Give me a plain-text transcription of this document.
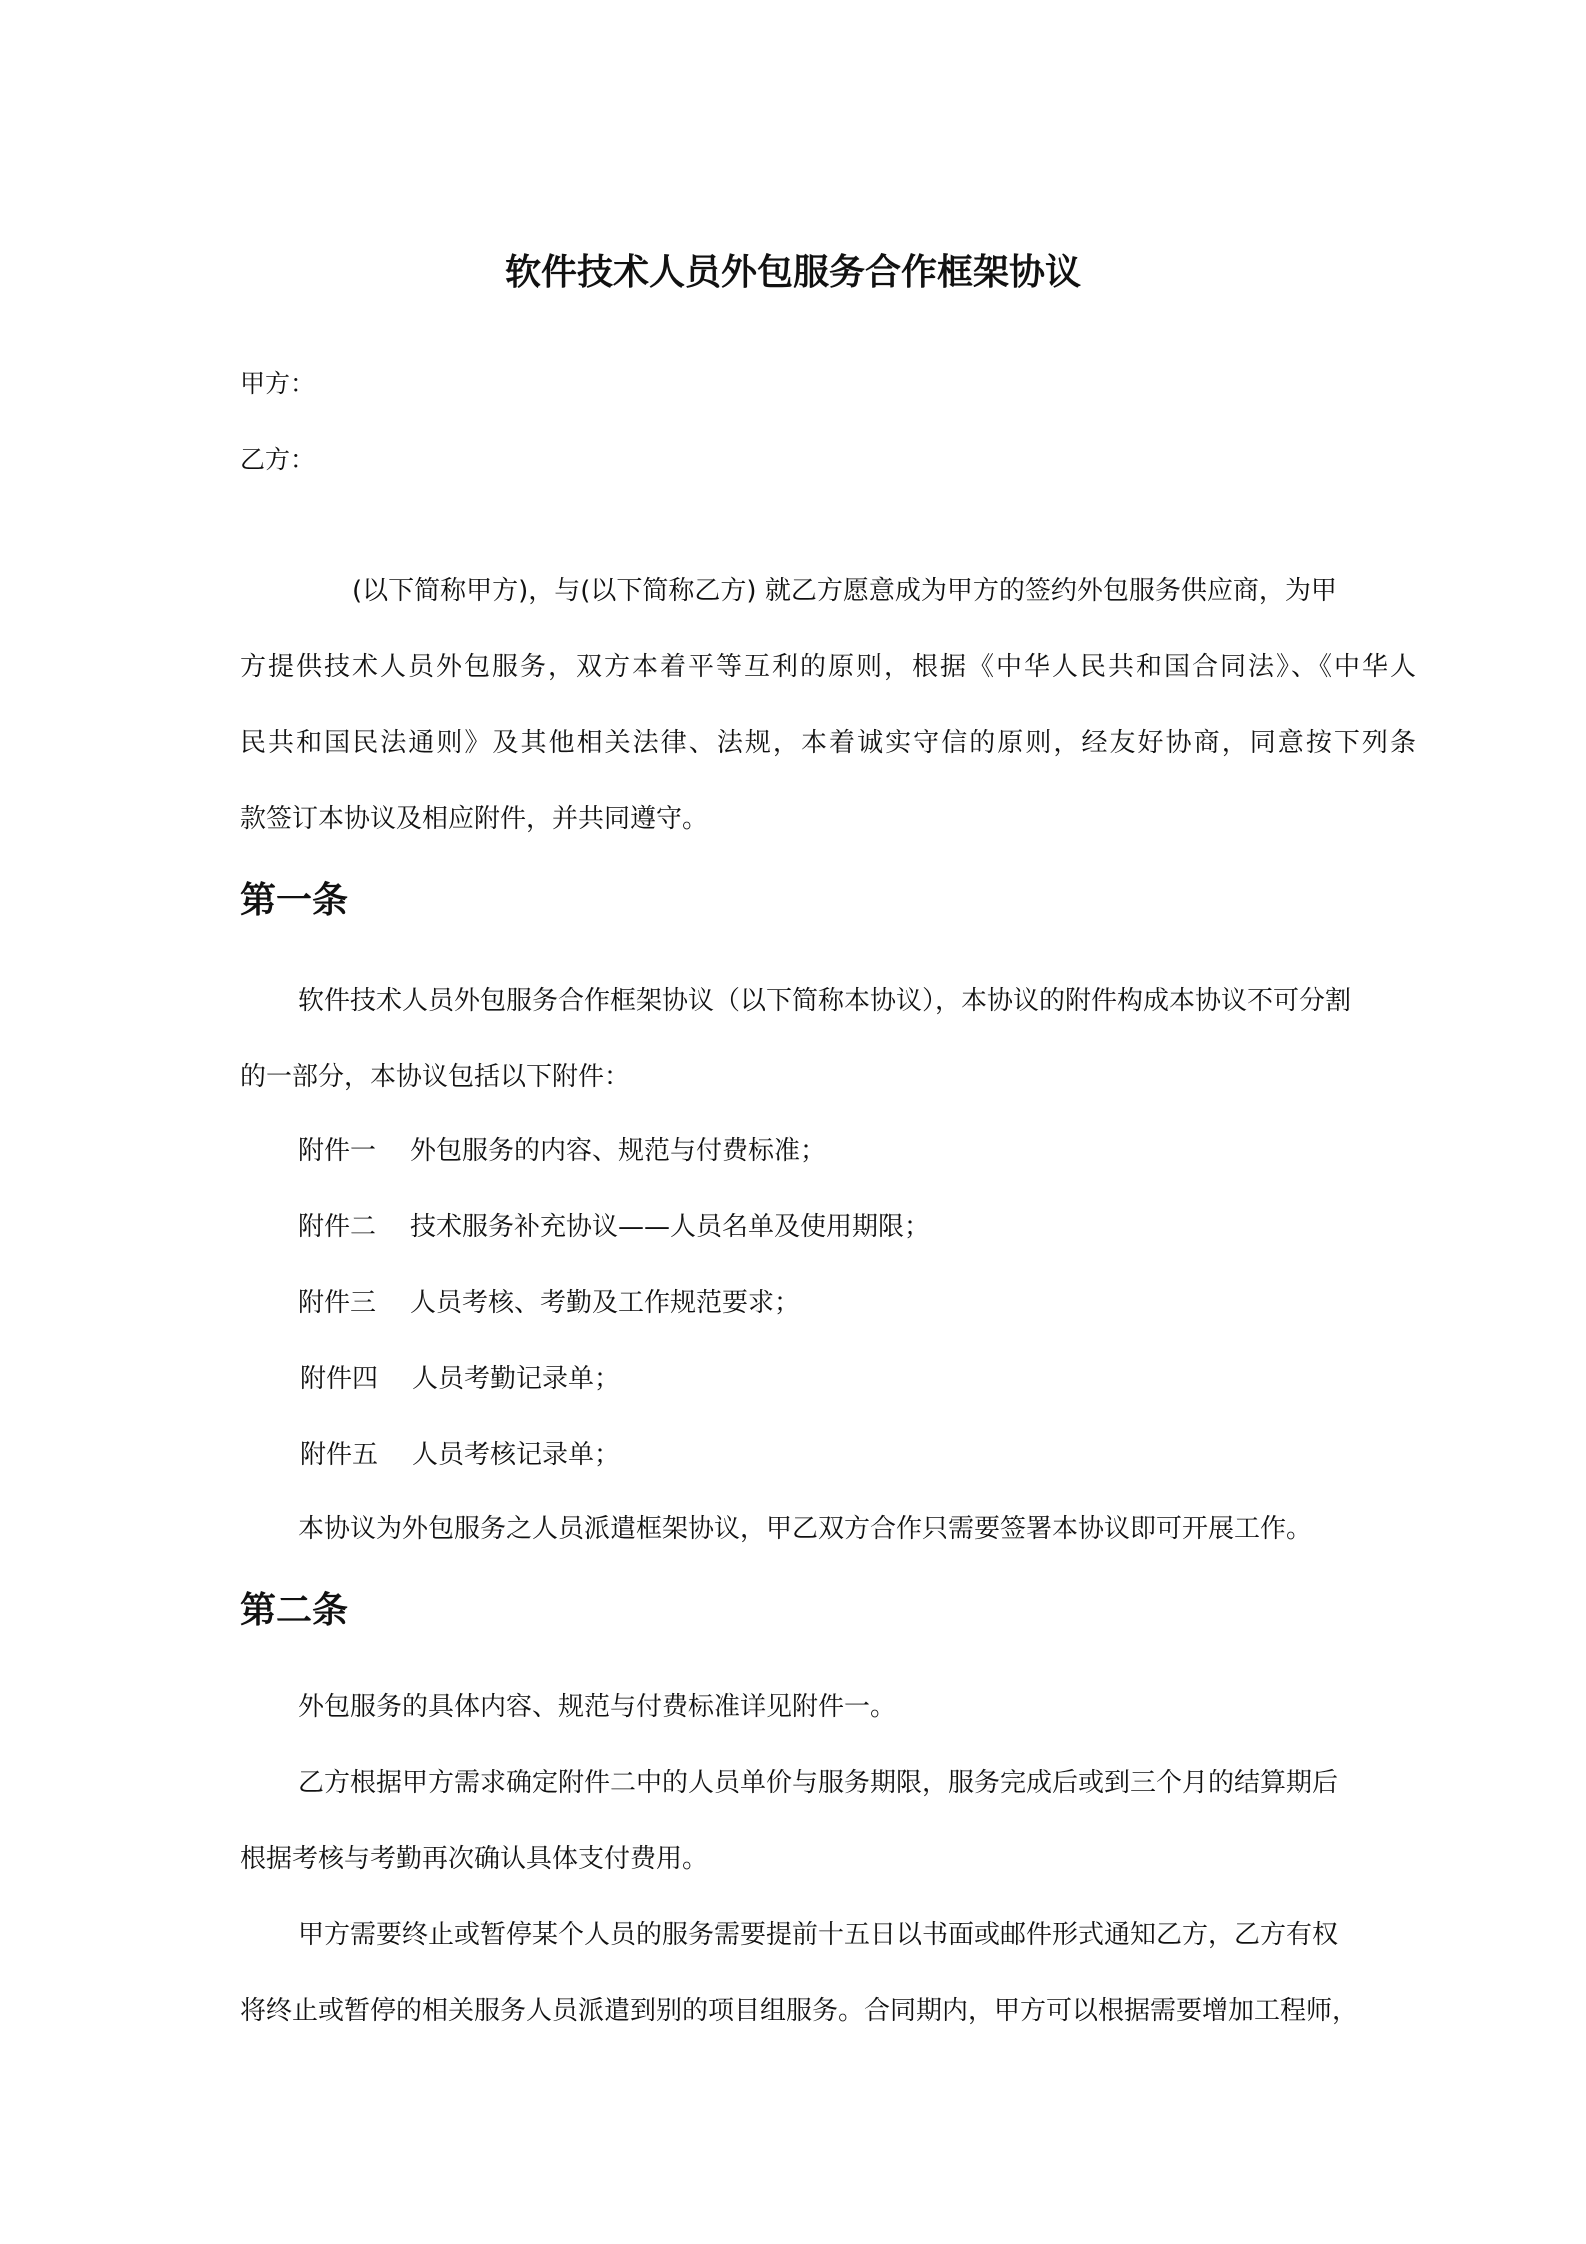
软件技术人员外包服务合作框架协议

甲方：

乙方：

(以下简称甲方)，与(以下简称乙方) 就乙方愿意成为甲方的签约外包服务供应商，为甲

方提供技术人员外包服务，双方本着平等互利的原则，根据《中华人民共和国合同法》、《中华人

民共和国民法通则》及其他相关法律、法规，本着诚实守信的原则，经友好协商，同意按下列条

款签订本协议及相应附件，并共同遵守。

第一条

软件技术人员外包服务合作框架协议（以下简称本协议），本协议的附件构成本协议不可分割

的一部分，本协议包括以下附件：

附件一 外包服务的内容、规范与付费标准；

附件二 技术服务补充协议——人员名单及使用期限；

附件三 人员考核、考勤及工作规范要求；

附件四 人员考勤记录单；

附件五 人员考核记录单；

本协议为外包服务之人员派遣框架协议，甲乙双方合作只需要签署本协议即可开展工作。

第二条

外包服务的具体内容、规范与付费标准详见附件一。

乙方根据甲方需求确定附件二中的人员单价与服务期限，服务完成后或到三个月的结算期后

根据考核与考勤再次确认具体支付费用。

甲方需要终止或暂停某个人员的服务需要提前十五日以书面或邮件形式通知乙方，乙方有权

将终止或暂停的相关服务人员派遣到别的项目组服务。合同期内，甲方可以根据需要增加工程师，
